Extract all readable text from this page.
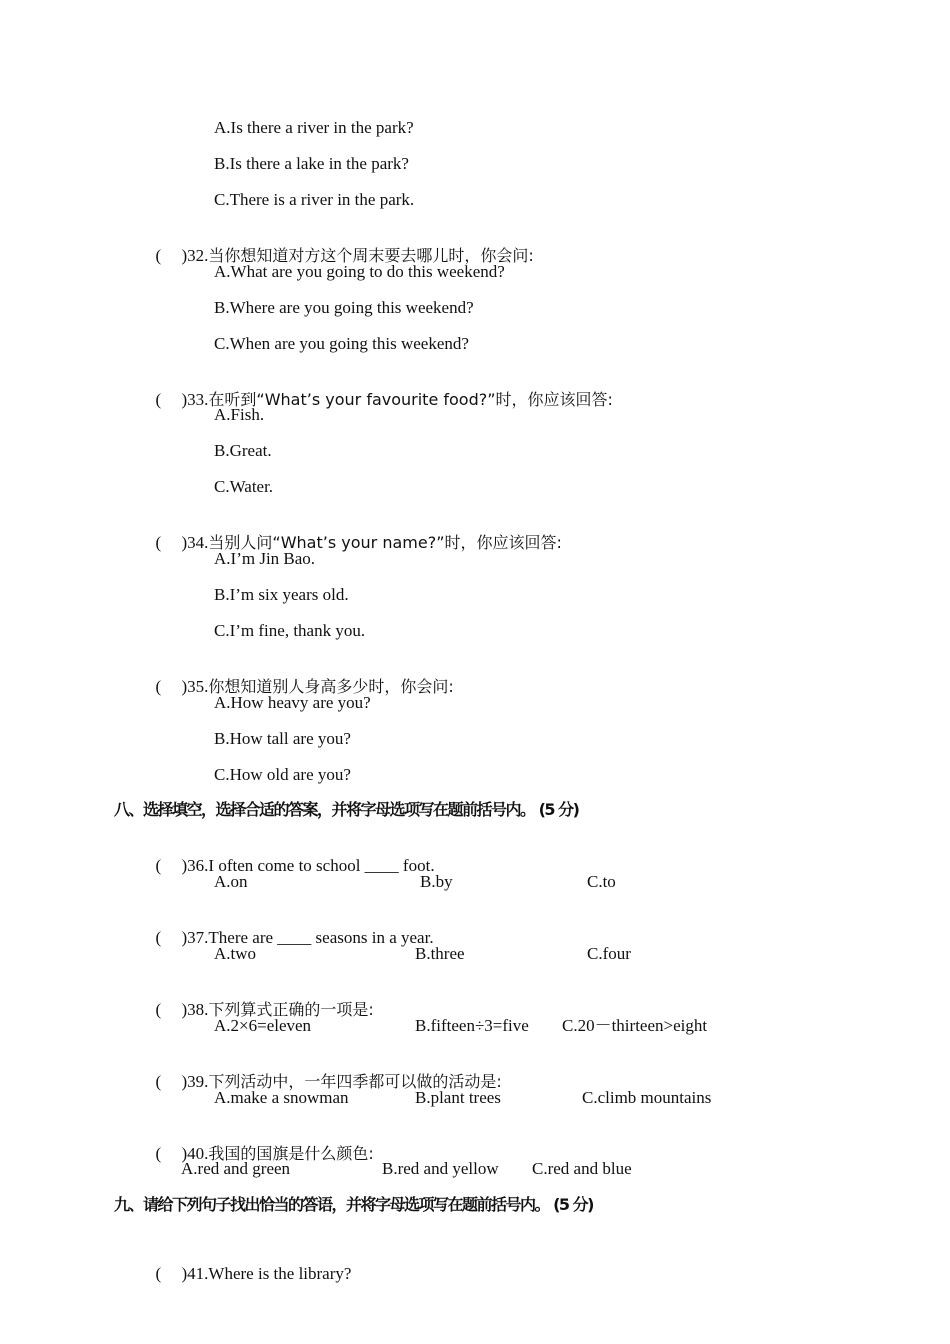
A.Is there a river in the park?
B.Is there a lake in the park?
C.There is a river in the park.

( )32.当你想知道对方这个周末要去哪儿时，你会问:

A.What are you going to do this weekend?
B.Where are you going this weekend?
C.When are you going this weekend?

( )33.在听到“What’s your favourite food?”时，你应该回答:

A.Fish.
B.Great.
C.Water.

( )34.当别人问“What’s your name?”时，你应该回答:

A.I’m Jin Bao.
B.I’m six years old.
C.I’m fine, thank you.

( )35.你想知道别人身高多少时，你会问:

A.How heavy are you?
B.How tall are you?
C.How old are you?
八、选择填空，选择合适的答案，并将字母选项写在题前括号内。 (5 分)

( )36.I often come to school ____ foot.

A.on	B.by	C.to

( )37.There are ____ seasons in a year.

A.two	B.three	C.four

( )38.下列算式正确的一项是:

A.2×6=eleven	B.fifteen÷3=five C.20－thirteen>eight

( )39.下列活动中，一年四季都可以做的活动是:

A.make a snowman	B.plant trees	C.climb mountains

( )40.我国的国旗是什么颜色:

A.red and green	B.red and yellow C.red and blue
九、请给下列句子找出恰当的答语，并将字母选项写在题前括号内。 (5 分)

( )41.Where is the library?
